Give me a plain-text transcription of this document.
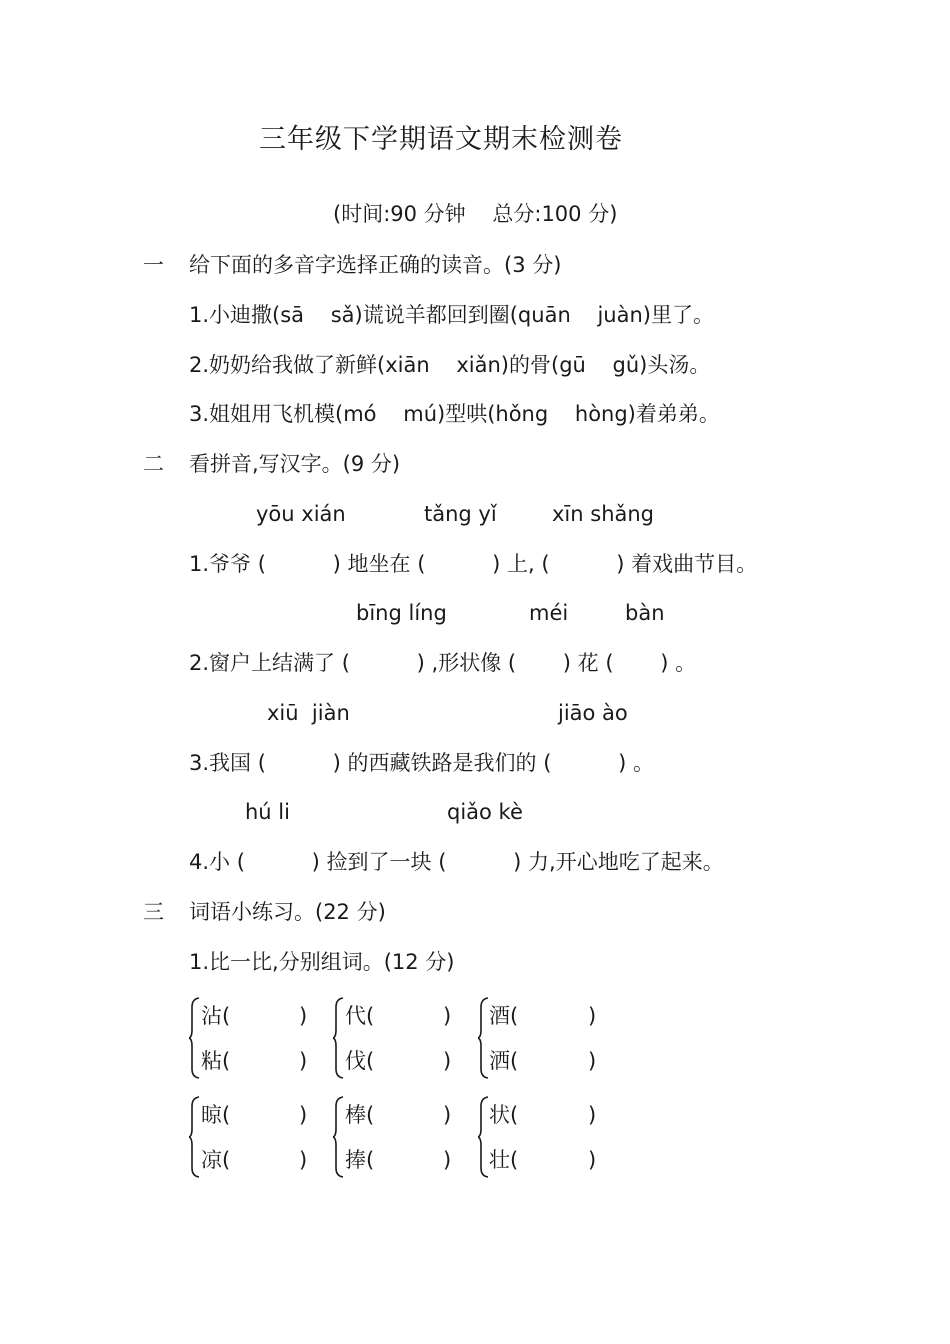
三年级下学期语文期末检测卷
(时间:90 分钟    总分:100 分)
一 给下面的多音字选择正确的读音。(3 分)
1.小迪撒(sā    sǎ)谎说羊都回到圈(quān    juàn)里了。
2.奶奶给我做了新鲜(xiān    xiǎn)的骨(gū    gǔ)头汤。
3.姐姐用飞机模(mó    mú)型哄(hǒng    hòng)着弟弟。
二 看拼音,写汉字。(9 分)
yōu xián	tǎng yǐ	xīn shǎng
1.爷爷 (          ) 地坐在 (          ) 上, (          ) 着戏曲节目。
bīng líng	méi	bàn
2.窗户上结满了 (          ) ,形状像 (       ) 花 (       ) 。
xiū  jiàn	jiāo ào
3.我国 (          ) 的西藏铁路是我们的 (          ) 。
hú li	qiǎo kè
4.小 (          ) 捡到了一块 (          ) 力,开心地吃了起来。
三 词语小练习。(22 分)
1.比一比,分别组词。(12 分)
沾(	)
粘(	)
代(	)
伐(	)
酒(	)
洒(	)
晾(	)
凉(	)
棒(	)
捧(	)
状(	)
壮(	)
